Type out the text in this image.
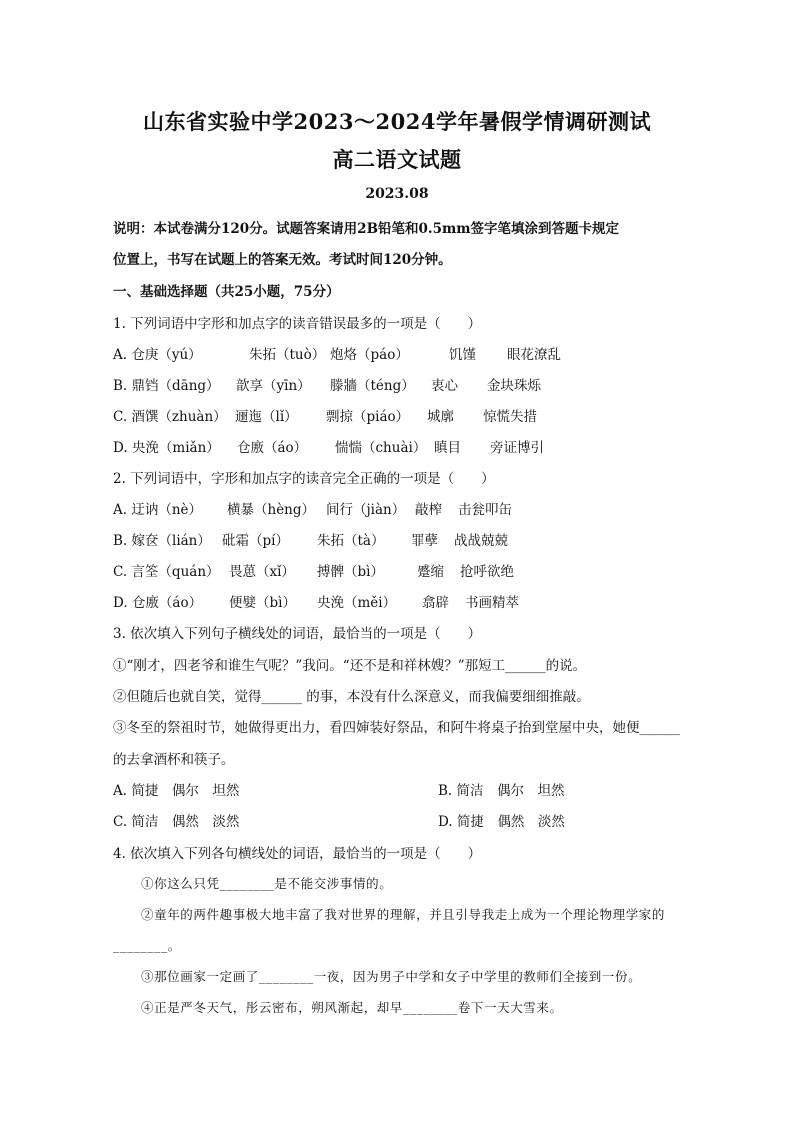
山东省实验中学2023～2024学年暑假学情调研测试
高二语文试题
2023.08
说明：本试卷满分120分。试题答案请用2B铅笔和0.5mm签字笔填涂到答题卡规定
位置上，书写在试题上的答案无效。考试时间120分钟。
一、基础选择题（共25小题，75分）
1. 下列词语中字形和加点字的读音错误最多的一项是（　　）
A. 仓庚（yú）	朱拓（tuò） 炮烙（páo）	饥馑 眼花潦乱
B. 鼎铛（dāng） 歆享（yīn） 滕牆（téng） 衷心 金块珠烁
C. 酒馔（zhuàn） 逦迤（lǐ） 剽掠（piáo） 城廓 惊慌失措
D. 央浼（miǎn） 仓廒（áo） 惴惴（chuài） 瞋目 旁证博引
2. 下列词语中，字形和加点字的读音完全正确的一项是（　　）
A. 迂讷（nè） 横暴（hèng） 间行（jiàn） 敲榨 击瓮叩缶
B. 嫁奁（lián） 砒霜（pí） 朱拓（tà） 罪孽 战战兢兢
C. 言筌（quán） 畏葸（xǐ） 搏髀（bì） 蹙缩 抢呼欲绝
D. 仓廒（áo） 便嬖（bì） 央浼（měi） 翕辟 书画精萃
3. 依次填入下列句子横线处的词语，最恰当的一项是（　　）
①“刚才，四老爷和谁生气呢？”我问。“还不是和祥林嫂？”那短工______的说。
②但随后也就自笑，觉得______ 的事，本没有什么深意义，而我偏要细细推敲。
③冬至的祭祖时节，她做得更出力，看四婶装好祭品，和阿牛将桌子抬到堂屋中央，她便______
的去拿酒杯和筷子。
A. 简捷　偶尔　坦然	B. 简洁　偶尔　坦然
C. 简洁　偶然　淡然	D. 简捷　偶然　淡然
4. 依次填入下列各句横线处的词语，最恰当的一项是（　　）
①你这么只凭________是不能交涉事情的。
②童年的两件趣事极大地丰富了我对世界的理解，并且引导我走上成为一个理论物理学家的
________。
③那位画家一定画了________一夜，因为男子中学和女子中学里的教师们全接到一份。
④正是严冬天气，彤云密布，朔风渐起，却早________卷下一天大雪来。
